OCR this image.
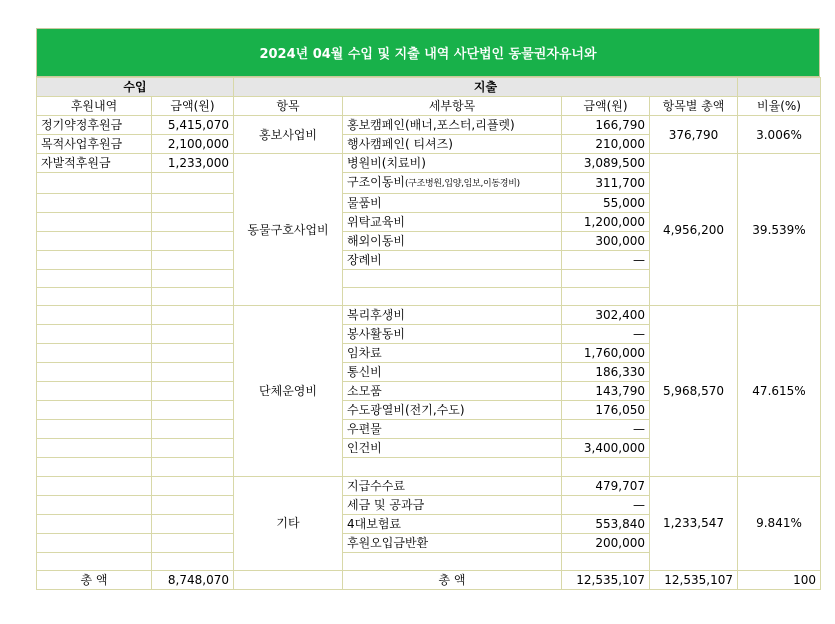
2024년 04월 수입 및 지출 내역 사단법인 동물권자유너와
수입		지출				
후원내역	금액(원)	항목	세부항목	금액(원)	항목별 총액	비율(%)
정기약정후원금	5,415,070	홍보사업비	홍보캠페인(배너,포스터,리플렛)	166,790	376,790	3.006%
목적사업후원금	2,100,000		행사캠페인( 티셔즈)	210,000		
자발적후원금	1,233,000	동물구호사업비	병원비(치료비)	3,089,500	4,956,200	39.539%
			구조이동비(구조병원,입양,임보,이동경비)	311,700		
			물품비	55,000		
			위탁교육비	1,200,000		
			해외이동비	300,000		
			장례비	—		

		단체운영비	복리후생비	302,400	5,968,570	47.615%
			봉사활동비	—		
			임차료	1,760,000		
			통신비	186,330		
			소모품	143,790		
			수도광열비(전기,수도)	176,050		
			우편물	—		
			인건비	3,400,000		

		기타	지급수수료	479,707	1,233,547	9.841%
			세금 및 공과금	—		
			4대보험료	553,840		
			후원오입금반환	200,000		

총 액	8,748,070		총 액	12,535,107	12,535,107	100
